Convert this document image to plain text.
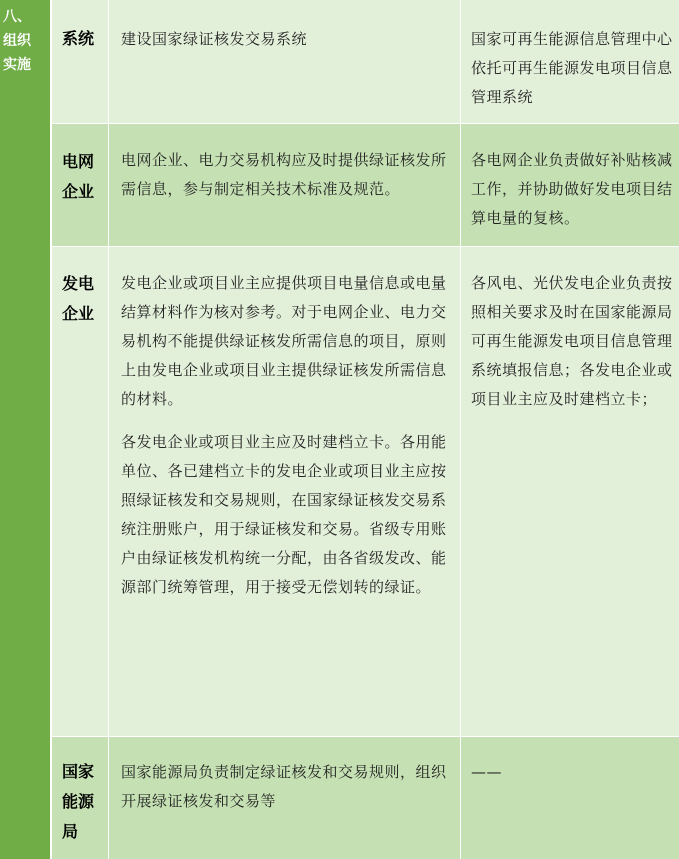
八、
组织
实施
系统	建设国家绿证核发交易系统	国家可再生能源信息管理中心依托可再生能源发电项目信息管理系统
电网企业
电网企业、电力交易机构应及时提供绿证核发所需信息，参与制定相关技术标准及规范。
各电网企业负责做好补贴核减工作，并协助做好发电项目结算电量的复核。
发电企业
发电企业或项目业主应提供项目电量信息或电量结算材料作为核对参考。对于电网企业、电力交易机构不能提供绿证核发所需信息的项目，原则上由发电企业或项目业主提供绿证核发所需信息的材料。
各发电企业或项目业主应及时建档立卡。各用能单位、各已建档立卡的发电企业或项目业主应按照绿证核发和交易规则，在国家绿证核发交易系统注册账户，用于绿证核发和交易。省级专用账户由绿证核发机构统一分配，由各省级发改、能源部门统筹管理，用于接受无偿划转的绿证。
各风电、光伏发电企业负责按照相关要求及时在国家能源局可再生能源发电项目信息管理系统填报信息；各发电企业或项目业主应及时建档立卡；
国家能源局
国家能源局负责制定绿证核发和交易规则，组织开展绿证核发和交易等
——
